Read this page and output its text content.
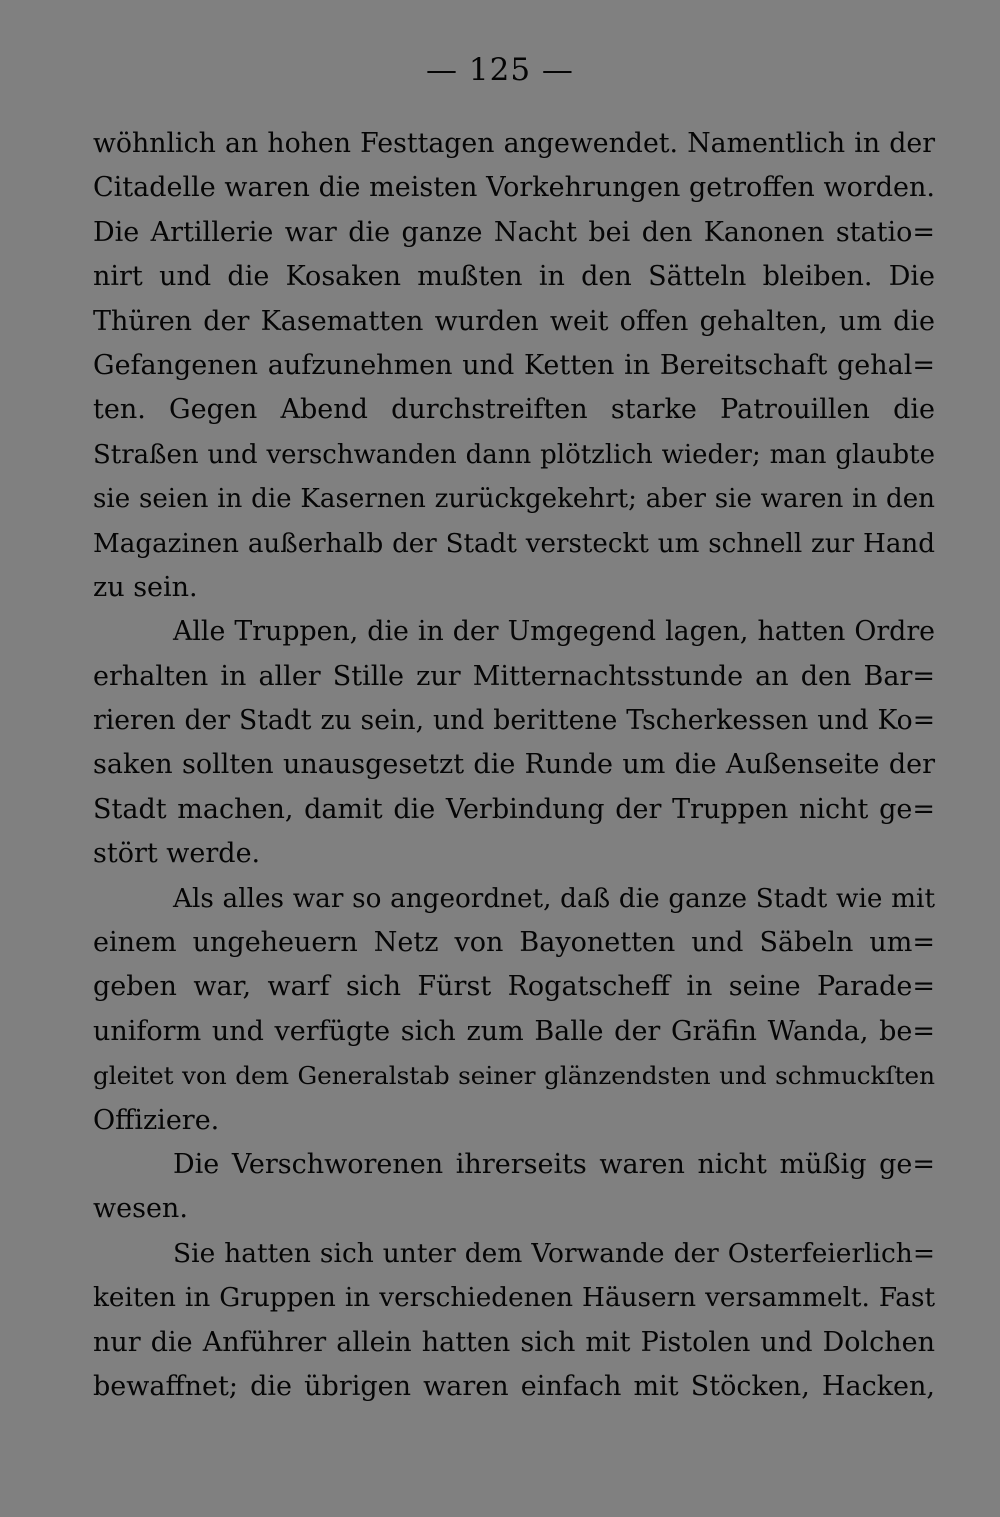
— 125 —
wöhnlich an hohen Festtagen angewendet. Namentlich in der
Citadelle waren die meisten Vorkehrungen getroffen worden.
Die Artillerie war die ganze Nacht bei den Kanonen statio=
nirt und die Kosaken mußten in den Sätteln bleiben. Die
Thüren der Kasematten wurden weit offen gehalten, um die
Gefangenen aufzunehmen und Ketten in Bereitschaft gehal=
ten. Gegen Abend durchstreiften starke Patrouillen die
Straßen und verschwanden dann plötzlich wieder; man glaubte
sie seien in die Kasernen zurückgekehrt; aber sie waren in den
Magazinen außerhalb der Stadt versteckt um schnell zur Hand
zu sein.
Alle Truppen, die in der Umgegend lagen, hatten Ordre
erhalten in aller Stille zur Mitternachtsstunde an den Bar=
rieren der Stadt zu sein, und berittene Tscherkessen und Ko=
saken sollten unausgesetzt die Runde um die Außenseite der
Stadt machen, damit die Verbindung der Truppen nicht ge=
stört werde.
Als alles war so angeordnet, daß die ganze Stadt wie mit
einem ungeheuern Netz von Bayonetten und Säbeln um=
geben war, warf sich Fürst Rogatscheff in seine Parade=
uniform und verfügte sich zum Balle der Gräfin Wanda, be=
gleitet von dem Generalstab seiner glänzendsten und schmuckſten
Offiziere.
Die Verschworenen ihrerseits waren nicht müßig ge=
wesen.
Sie hatten sich unter dem Vorwande der Osterfeierlich=
keiten in Gruppen in verschiedenen Häusern versammelt. Fast
nur die Anführer allein hatten sich mit Pistolen und Dolchen
bewaffnet; die übrigen waren einfach mit Stöcken, Hacken,
